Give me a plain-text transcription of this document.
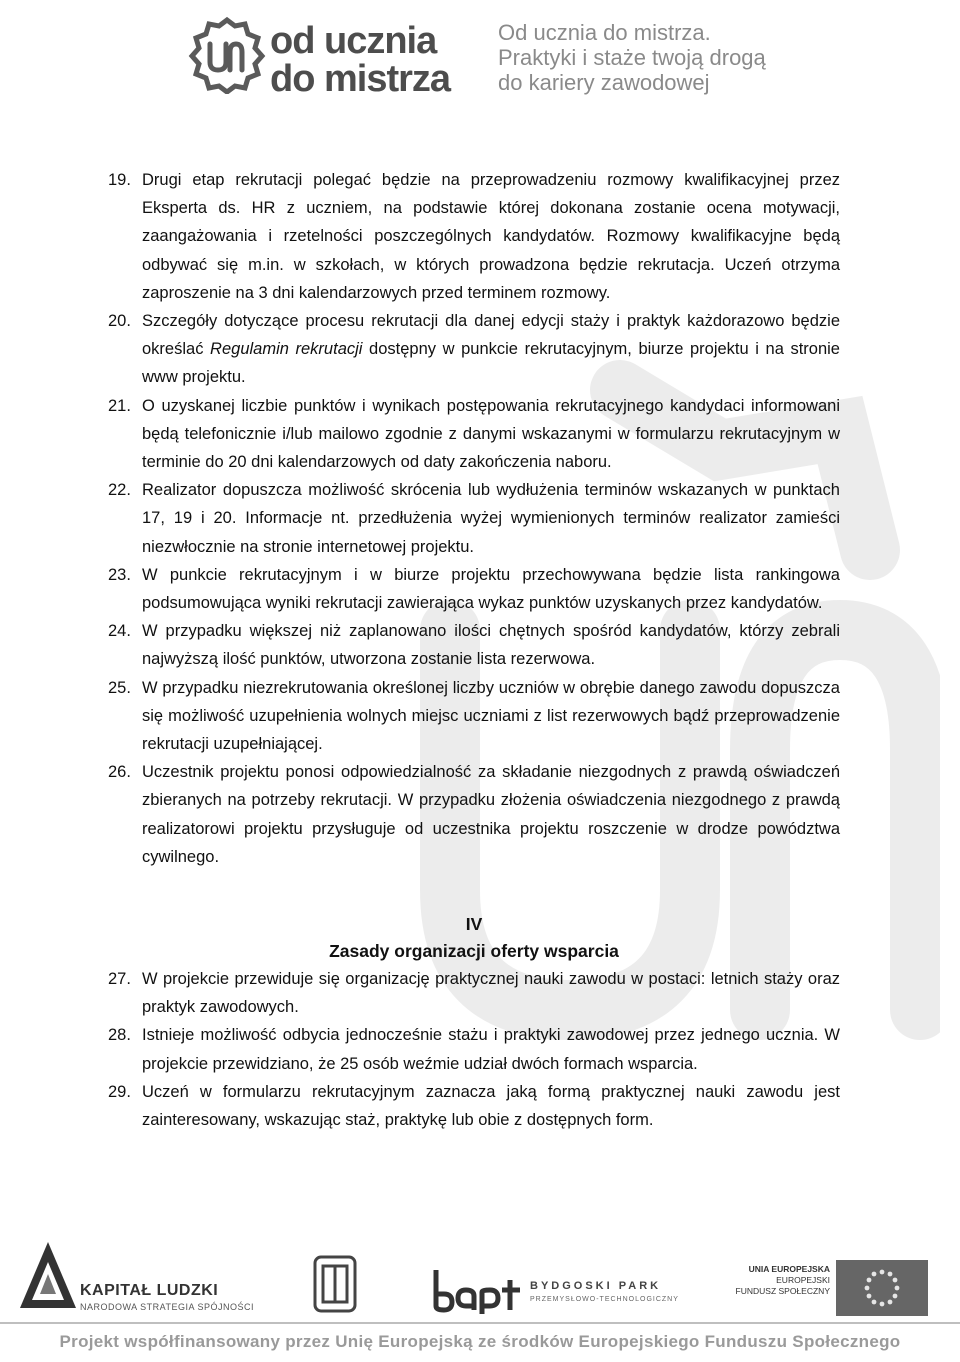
od ucznia
do mistrza
Od ucznia do mistrza.
Praktyki i staże twoją drogą
do kariery zawodowej
19. Drugi etap rekrutacji polegać będzie na przeprowadzeniu rozmowy kwalifikacyjnej przez Eksperta ds. HR z uczniem, na podstawie której dokonana zostanie ocena motywacji, zaangażowania i rzetelności poszczególnych kandydatów. Rozmowy kwalifikacyjne będą odbywać się m.in. w szkołach, w których prowadzona będzie rekrutacja. Uczeń otrzyma zaproszenie na 3 dni kalendarzowych przed terminem rozmowy.
20. Szczegóły dotyczące procesu rekrutacji dla danej edycji staży i praktyk każdorazowo będzie określać Regulamin rekrutacji dostępny w punkcie rekrutacyjnym, biurze projektu i na stronie www projektu.
21. O uzyskanej liczbie punktów i wynikach postępowania rekrutacyjnego kandydaci informowani będą telefonicznie i/lub mailowo zgodnie z danymi wskazanymi w formularzu rekrutacyjnym w terminie do 20 dni kalendarzowych od daty zakończenia naboru.
22. Realizator dopuszcza możliwość skrócenia lub wydłużenia terminów wskazanych w punktach 17, 19 i 20. Informacje nt. przedłużenia wyżej wymienionych terminów realizator zamieści niezwłocznie na stronie internetowej projektu.
23. W punkcie rekrutacyjnym i w biurze projektu przechowywana będzie lista rankingowa podsumowująca wyniki rekrutacji zawierająca wykaz punktów uzyskanych przez kandydatów.
24. W przypadku większej niż zaplanowano ilości chętnych spośród kandydatów, którzy zebrali najwyższą ilość punktów, utworzona zostanie lista rezerwowa.
25. W przypadku niezrekrutowania określonej liczby uczniów w obrębie danego zawodu dopuszcza się możliwość uzupełnienia wolnych miejsc uczniami z list rezerwowych bądź przeprowadzenie rekrutacji uzupełniającej.
26. Uczestnik projektu ponosi odpowiedzialność za składanie niezgodnych z prawdą oświadczeń zbieranych na potrzeby rekrutacji. W przypadku złożenia oświadczenia niezgodnego z prawdą realizatorowi projektu przysługuje od uczestnika projektu roszczenie w drodze powództwa cywilnego.
IV
Zasady organizacji oferty wsparcia
27. W projekcie przewiduje się organizację praktycznej nauki zawodu w postaci: letnich staży oraz praktyk zawodowych.
28. Istnieje możliwość odbycia jednocześnie stażu i praktyki zawodowej przez jednego ucznia. W projekcie przewidziano, że 25 osób weźmie udział dwóch formach wsparcia.
29. Uczeń w formularzu rekrutacyjnym zaznacza jaką formą praktycznej nauki zawodu jest zainteresowany, wskazując staż, praktykę lub obie z dostępnych form.
KAPITAŁ LUDZKI
NARODOWA STRATEGIA SPÓJNOŚCI
BYDGOSKI PARK
PRZEMYSŁOWO-TECHNOLOGICZNY
UNIA EUROPEJSKA
EUROPEJSKI
FUNDUSZ SPOŁECZNY
Projekt współfinansowany przez Unię Europejską ze środków Europejskiego Funduszu Społecznego
